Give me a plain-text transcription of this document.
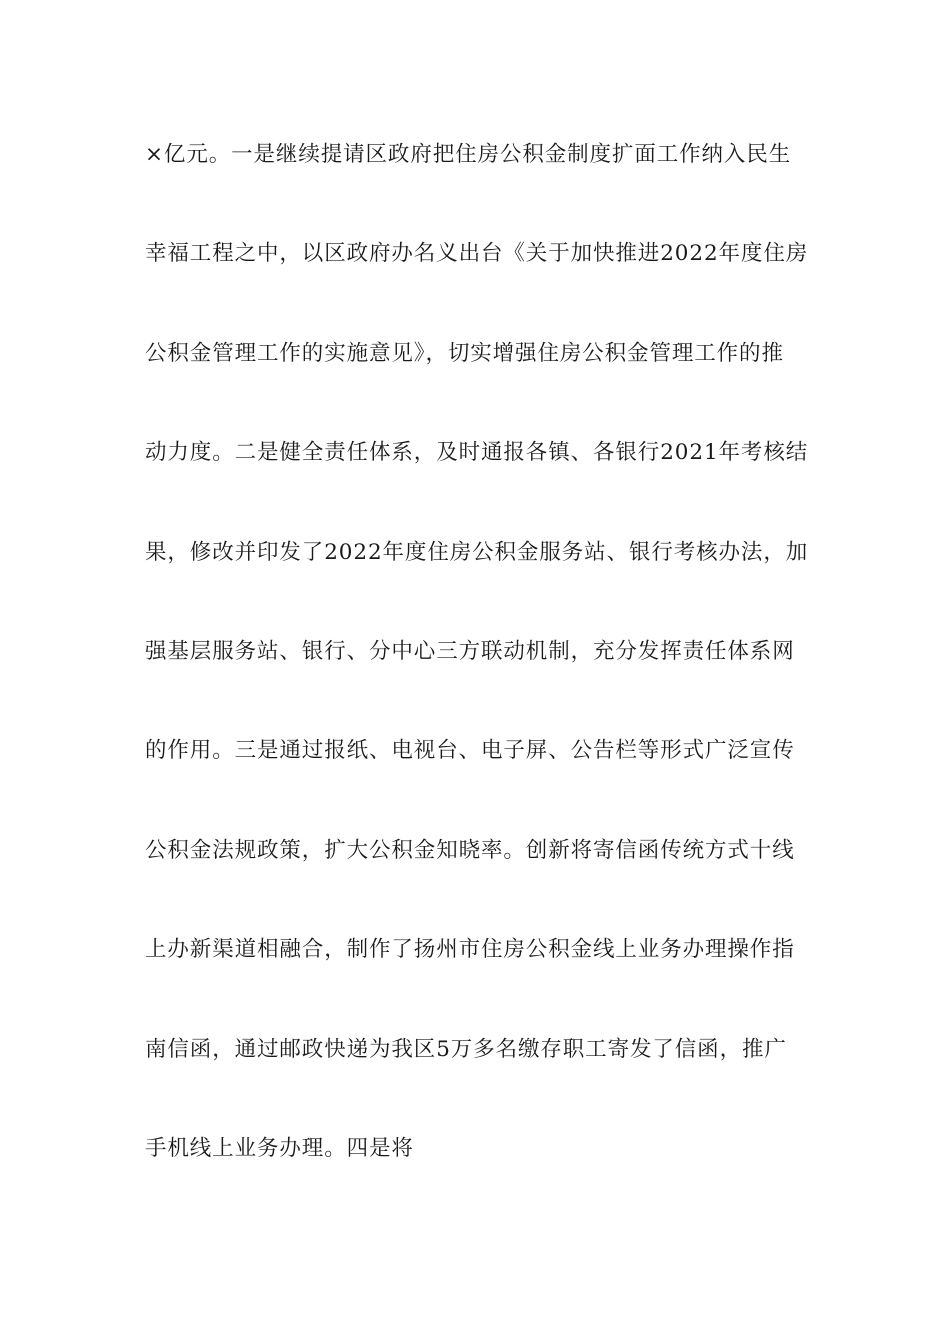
×亿元。一是继续提请区政府把住房公积金制度扩面工作纳入民生
幸福工程之中，以区政府办名义出台《关于加快推进2022年度住房
公积金管理工作的实施意见》，切实增强住房公积金管理工作的推
动力度。二是健全责任体系，及时通报各镇、各银行2021年考核结
果，修改并印发了2022年度住房公积金服务站、银行考核办法，加
强基层服务站、银行、分中心三方联动机制，充分发挥责任体系网
的作用。三是通过报纸、电视台、电子屏、公告栏等形式广泛宣传
公积金法规政策，扩大公积金知晓率。创新将寄信函传统方式十线
上办新渠道相融合，制作了扬州市住房公积金线上业务办理操作指
南信函，通过邮政快递为我区5万多名缴存职工寄发了信函，推广
手机线上业务办理。四是将
